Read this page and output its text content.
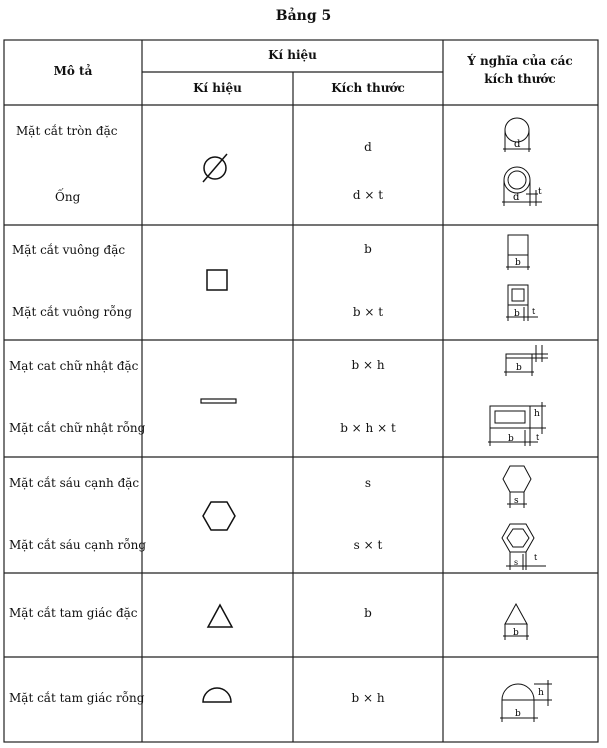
Bảng 5
Mô tả
Kí hiệu
Kí hiệu	Kích thước
Ý nghĩa của các kích thước
Mặt cắt tròn đặc
Ống
Mặt cắt vuông đặc
Mặt cắt vuông rỗng
Mạt cat chữ nhật đặc
Mặt cắt chữ nhật rỗng
Mặt cắt sáu cạnh đặc
Mặt cắt sáu cạnh rỗng
Mặt cắt tam giác đặc
Mặt cắt tam giác rỗng
d
d × t
b
b × t
b × h
b × h × t
s
s × t
b
b × h
d
d t
b
b t
b
h
b	t
s
s
t
b
h
b
